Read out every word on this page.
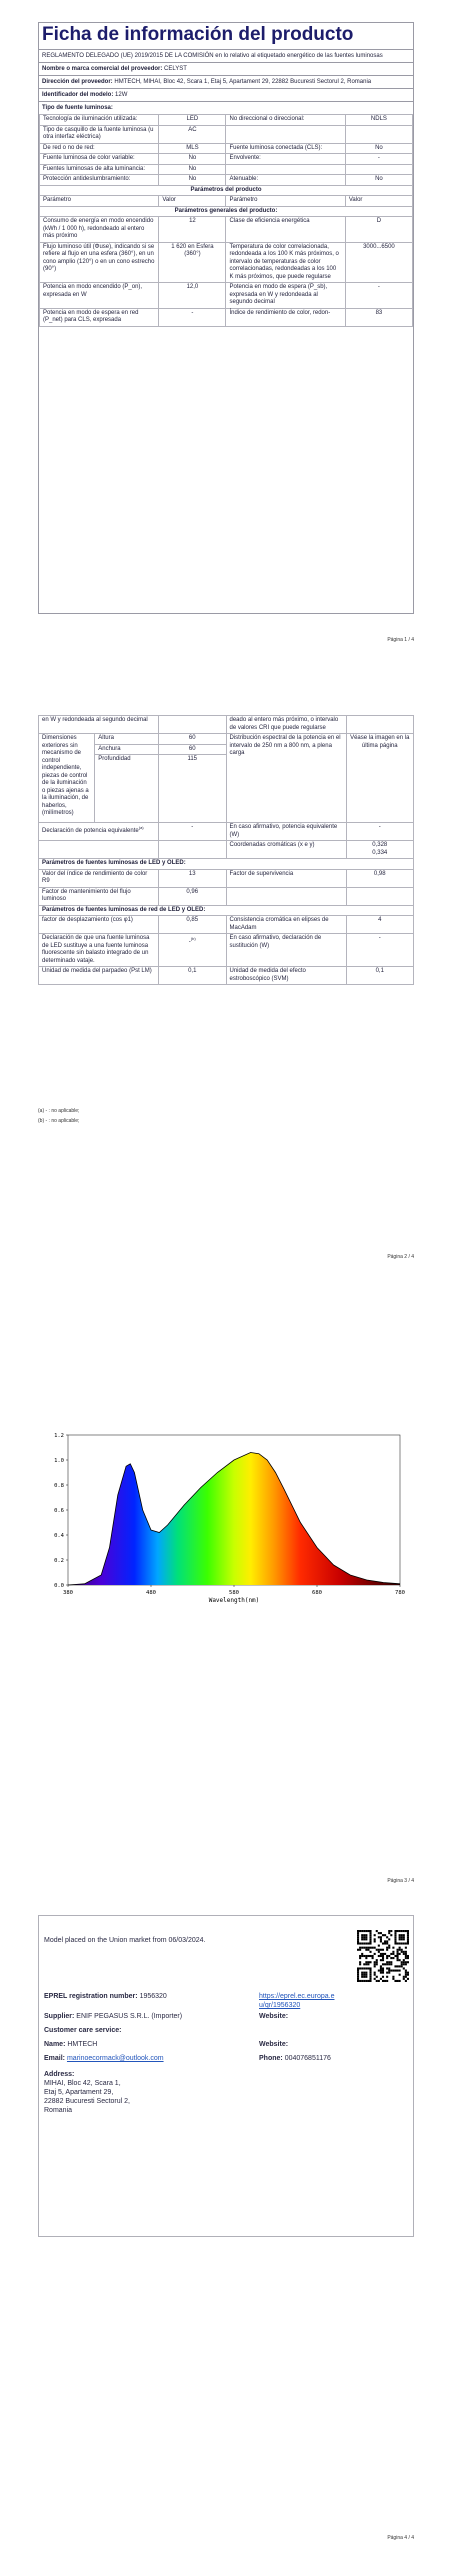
Ficha de información del producto
REGLAMENTO DELEGADO (UE) 2019/2015 DE LA COMISIÓN en lo relativo al etiquetado energético de las fuentes luminosas
Nombre o marca comercial del proveedor: CELYST
Dirección del proveedor: HMTECH, MIHAI, Bloc 42, Scara 1, Etaj 5, Apartament 29, 22882 Bucuresti Sectorul 2, Romania
Identificador del modelo: 12W
Tipo de fuente luminosa:
Tecnología de iluminación utilizada:	LED	No direccional o direccional:	NDLS
Tipo de casquillo de la fuente luminosa (u otra interfaz eléctrica)	AC		
De red o no de red:	MLS	Fuente luminosa conectada (CLS):	No
Fuente luminosa de color variable:	No	Envolvente:	-
Fuentes luminosas de alta luminancia:	No		
Protección antideslumbramiento:	No	Atenuable:	No
Parámetros del producto			
Parámetro	Valor	Parámetro	Valor
Parámetros generales del producto:			
Consumo de energía en modo encendido (kWh / 1 000 h), redondeado al entero más próximo	12	Clase de eficiencia energética	D
Flujo luminoso útil (Φuse), indicando si se refiere al flujo en una esfera (360°), en un cono amplio (120°) o en un cono estrecho (90°)	1 620 en Esfera (360°)	Temperatura de color correlacionada, redondeada a los 100 K más próximos, o intervalo de temperaturas de color correlacionadas, redondeadas a los 100 K más próximos, que puede regularse	3000...6500
Potencia en modo encendido (P_on), expresada en W	12,0	Potencia en modo de espera (P_sb), expresada en W y redondeada al segundo decimal	-
Potencia en modo de espera en red (P_net) para CLS, expresada	-	Índice de rendimiento de color, redon-	83
Página 1 / 4
en W y redondeada al segundo decimal			deado al entero más próximo, o intervalo de valores CRI que puede regularse	
Dimensiones exteriores sin mecanismo de control independiente, piezas de control de la iluminación o piezas ajenas a la iluminación, de haberlos, (milímetros)	Altura	60	Distribución espectral de la potencia en el intervalo de 250 nm a 800 nm, a plena carga	Véase la imagen en la última página
	Anchura	60		
	Profundidad	115		
Declaración de potencia equivalente$^{(a)}$		-	En caso afirmativo, potencia equivalente (W)	-
			Coordenadas cromáticas (x e y)	0,328
0,334

Parámetros de fuentes luminosas de LED y OLED:				
Valor del índice de rendimiento de color R9		13	Factor de supervivencia	0,98
Factor de mantenimiento del flujo luminoso		0,96		
Parámetros de fuentes luminosas de red de LED y OLED:				
factor de desplazamiento (cos φ1)		0,85	Consistencia cromática en elipses de MacAdam	4
Declaración de que una fuente luminosa de LED sustituye a una fuente luminosa fluorescente sin balasto integrado de un determinado vataje.		-$^{(b)}$	En caso afirmativo, declaración de sustitución (W)	-
Unidad de medida del parpadeo (Pst LM)		0,1	Unidad de medida del efecto estroboscópico (SVM)	0,1
(a) - : no aplicable;
(b) - : no aplicable;
Página 2 / 4
0.0
0.2
0.4
0.6
0.8
1.0
1.2
380	480	580	680	780
Wavelength(nm)
Página 3 / 4
Model placed on the Union market from 06/03/2024.
EPREL registration number: 1956320	https://eprel.ec.europa.eu/qr/1956320
Supplier: ENIF PEGASUS S.R.L. (Importer)	Website:
Customer care service:
Name: HMTECH	Website:
Email: marinoecormack@outlook.com	Phone: 004076851176
Address:
MIHAI, Bloc 42, Scara 1,
Etaj 5, Apartament 29,
22882 Bucuresti Sectorul 2,
Romania
Página 4 / 4
